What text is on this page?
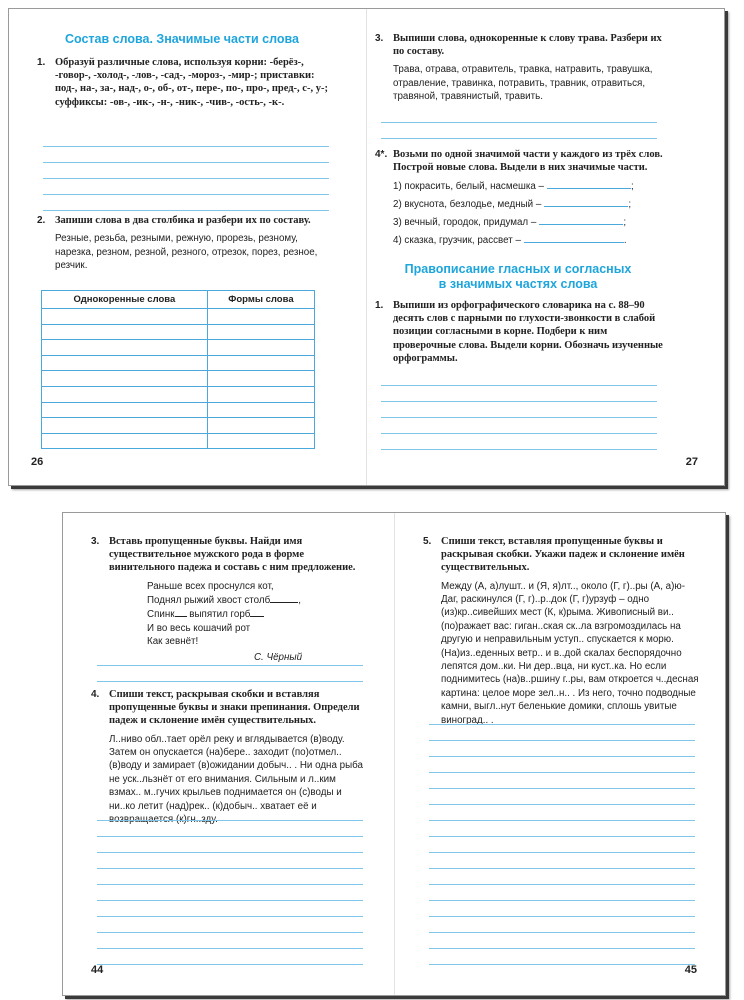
Состав слова. Значимые части слова
1. Образуй различные слова, используя корни: -берёз-, -говор-, -холод-, -лов-, -сад-, -мороз-, -мир-; приставки: под-, на-, за-, над-, о-, об-, от-, пере-, по-, про-, пред-, с-, у-; суффиксы: -ов-, -ик-, -н-, -ник-, -чив-, -ость-, -к-.
2. Запиши слова в два столбика и разбери их по составу.
Резные, резьба, резными, режную, прорезь, резному, нарезка, резном, резной, резного, отрезок, порез, резное, резчик.
Однокоренные слова	Формы слова

26
3. Выпиши слова, однокоренные к слову трава. Разбери их по составу.
Трава, отрава, отравитель, травка, натравить, травушка, отравление, травинка, потравить, травник, отравиться, травяной, травянистый, травить.
4*. Возьми по одной значимой части у каждого из трёх слов. Построй новые слова. Выдели в них значимые части.
1) покрасить, белый, насмешка –	;
2) вкуснота, безлодье, медный –	;
3) вечный, городок, придумал –	;
4) сказка, грузчик, рассвет –	.
Правописание гласных и согласных
в значимых частях слова
1. Выпиши из орфографического словарика на с. 88–90 десять слов с парными по глухости-звонкости в слабой позиции согласными в корне. Подбери к ним проверочные слова. Выдели корни. Обозначь изученные орфограммы.
27
3. Вставь пропущенные буквы. Найди имя существительное мужского рода в форме винительного падежа и составь с ним предложение.
Раньше всех проснулся кот,
Поднял рыжий хвост столб	,
Спинк выпятил горб
И во весь кошачий рот
Как зевнёт!
С. Чёрный
4. Спиши текст, раскрывая скобки и вставляя пропущенные буквы и знаки препинания. Определи падеж и склонение имён существительных.
Л..ниво обл..тает орёл реку и вглядывается (в)воду. Затем он опускается (на)бере.. заходит (по)отмел.. (в)воду и замирает (в)ожидании добыч.. . Ни одна рыба не уск..льзнёт от его внимания. Сильным и л..ким взмах.. м..гучих крыльев поднимается он (с)воды и ни..ко летит (над)рек.. (к)добыч.. хватает её и возвращается (к)гн..зду.
44
5. Спиши текст, вставляя пропущенные буквы и раскрывая скобки. Укажи падеж и склонение имён существительных.
Между (А, а)лушт.. и (Я, я)лт.., около (Г, г)..ры (А, а)ю-Даг, раскинулся (Г, г)..р..док (Г, г)урзуф – одно (из)кр..сивейших мест (К, к)рыма. Живописный ви.. (по)ражает вас: гиган..ская ск..ла взгромоздилась на другую и неправильным уступ.. спускается к морю. (На)из..еденных ветр.. и в..дой скалах беспорядочно лепятся дом..ки. Ни дер..вца, ни куст..ка. Но если поднимитесь (на)в..ршину г..ры, вам откроется ч..десная картина: целое море зел..н.. . Из него, точно подводные камни, выгл..нут беленькие домики, сплошь увитые виноград.. .
45
